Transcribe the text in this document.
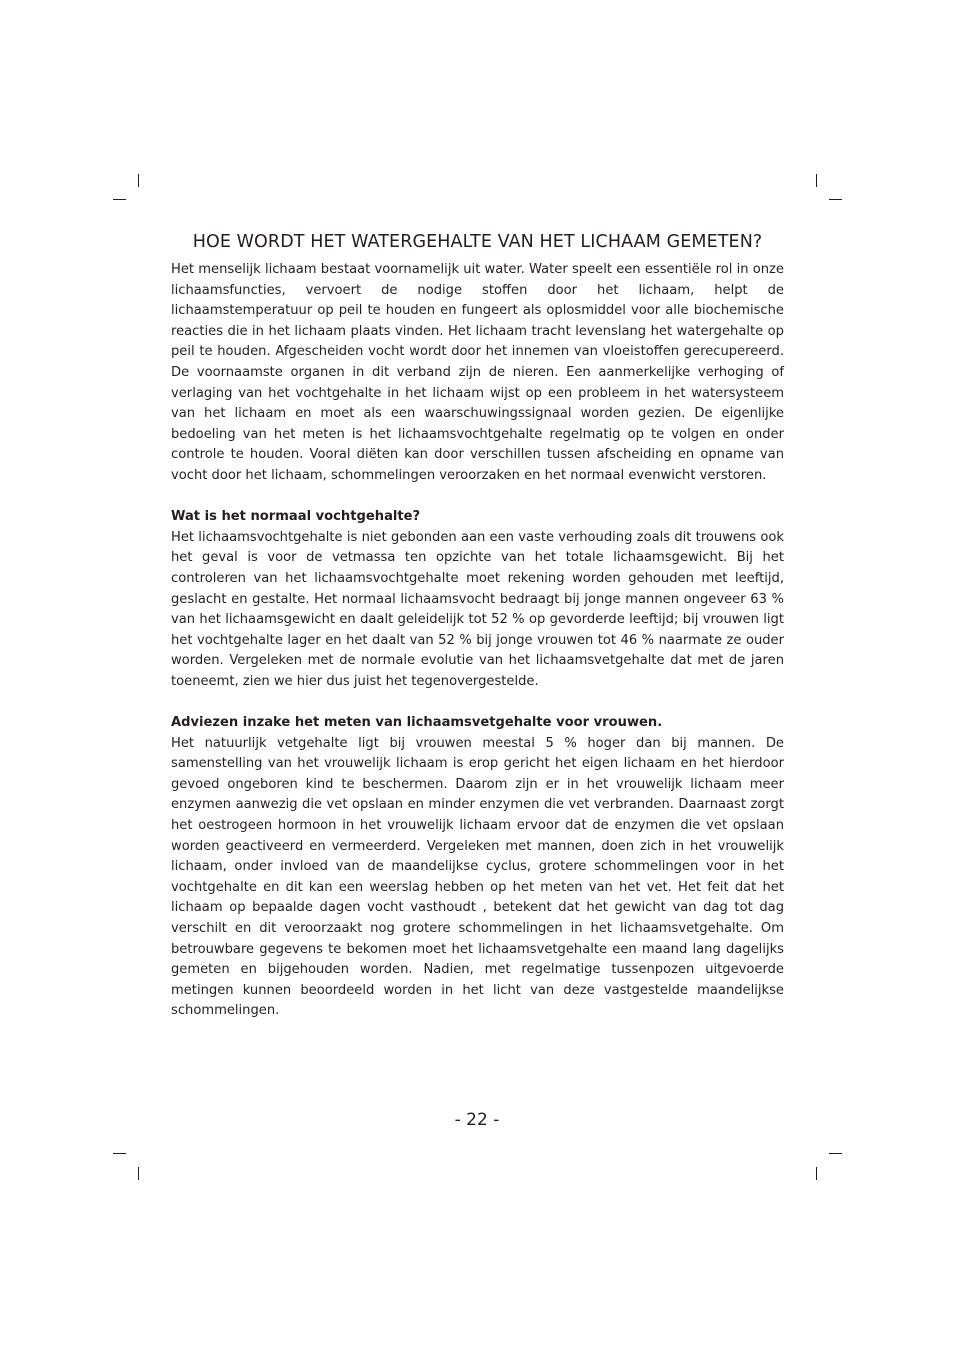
HOE WORDT HET WATERGEHALTE VAN HET LICHAAM GEMETEN?

Het menselijk lichaam bestaat voornamelijk uit water. Water speelt een essentiële rol in onze lichaamsfuncties, vervoert de nodige stoffen door het lichaam, helpt de lichaamstemperatuur op peil te houden en fungeert als oplosmiddel voor alle biochemische reacties die in het lichaam plaats vinden. Het lichaam tracht levenslang het watergehalte op peil te houden. Afgescheiden vocht wordt door het innemen van vloeistoffen gerecupereerd. De voornaamste organen in dit verband zijn de nieren. Een aanmerkelijke verhoging of verlaging van het vochtgehalte in het lichaam wijst op een probleem in het watersysteem van het lichaam en moet als een waarschuwingssignaal worden gezien. De eigenlijke bedoeling van het meten is het lichaamsvochtgehalte regelmatig op te volgen en onder controle te houden. Vooral diëten kan door verschillen tussen afscheiding en opname van vocht door het lichaam, schommelingen veroorzaken en het normaal evenwicht verstoren.

Wat is het normaal vochtgehalte?

Het lichaamsvochtgehalte is niet gebonden aan een vaste verhouding zoals dit trouwens ook het geval is voor de vetmassa ten opzichte van het totale lichaamsgewicht. Bij het controleren van het lichaamsvochtgehalte moet rekening worden gehouden met leeftijd, geslacht en gestalte. Het normaal lichaamsvocht bedraagt bij jonge mannen ongeveer 63 % van het lichaamsgewicht en daalt geleidelijk tot 52 % op gevorderde leeftijd; bij vrouwen ligt het vochtgehalte lager en het daalt van 52 % bij jonge vrouwen tot 46 % naarmate ze ouder worden. Vergeleken met de normale evolutie van het lichaamsvetgehalte dat met de jaren toeneemt, zien we hier dus juist het tegenovergestelde.

Adviezen inzake het meten van lichaamsvetgehalte voor vrouwen.

Het natuurlijk vetgehalte ligt bij vrouwen meestal 5 % hoger dan bij mannen. De samenstelling van het vrouwelijk lichaam is erop gericht het eigen lichaam en het hierdoor gevoed ongeboren kind te beschermen. Daarom zijn er in het vrouwelijk lichaam meer enzymen aanwezig die vet opslaan en minder enzymen die vet verbranden. Daarnaast zorgt het oestrogeen hormoon in het vrouwelijk lichaam ervoor dat de enzymen die vet opslaan worden geactiveerd en vermeerderd. Vergeleken met mannen, doen zich in het vrouwelijk lichaam, onder invloed van de maandelijkse cyclus, grotere schommelingen voor in het vochtgehalte en dit kan een weerslag hebben op het meten van het vet. Het feit dat het lichaam op bepaalde dagen vocht vasthoudt , betekent dat het gewicht van dag tot dag verschilt en dit veroorzaakt nog grotere schommelingen in het lichaamsvetgehalte. Om betrouwbare gegevens te bekomen moet het lichaamsvetgehalte een maand lang dagelijks gemeten en bijgehouden worden. Nadien, met regelmatige tussenpozen uitgevoerde metingen kunnen beoordeeld worden in het licht van deze vastgestelde maandelijkse schommelingen.

- 22 -
